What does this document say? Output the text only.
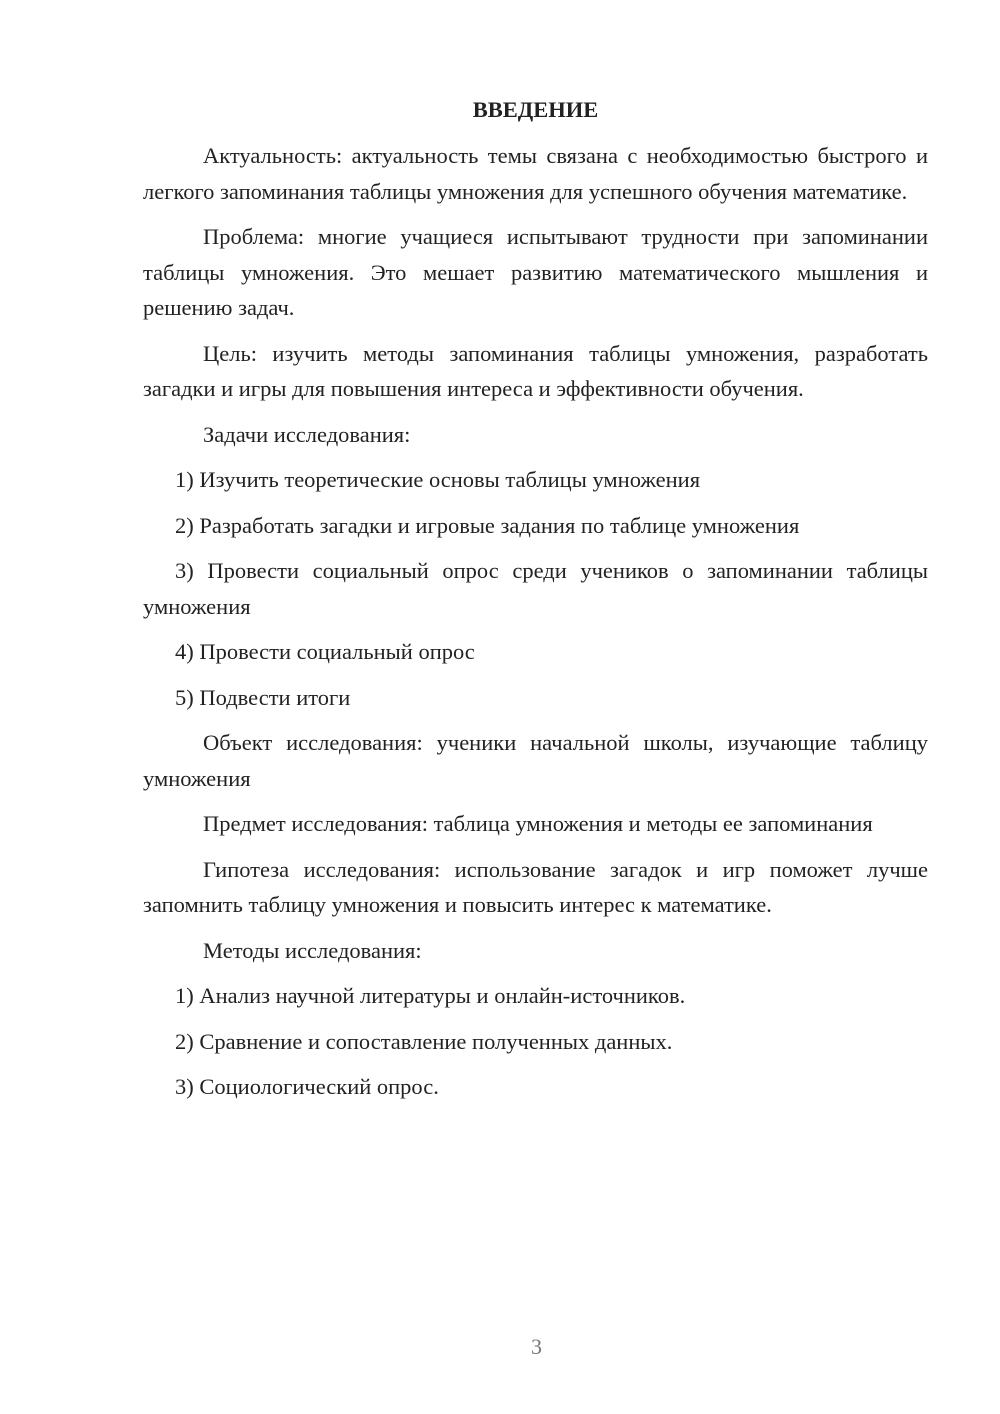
ВВЕДЕНИЕ

Актуальность: актуальность темы связана с необходимостью быстрого и легкого запоминания таблицы умножения для успешного обучения математике.

Проблема: многие учащиеся испытывают трудности при запоминании таблицы умножения. Это мешает развитию математического мышления и решению задач.

Цель: изучить методы запоминания таблицы умножения, разработать загадки и игры для повышения интереса и эффективности обучения.

Задачи исследования:

1) Изучить теоретические основы таблицы умножения

2) Разработать загадки и игровые задания по таблице умножения

3) Провести социальный опрос среди учеников о запоминании таблицы умножения

4) Провести социальный опрос

5) Подвести итоги

Объект исследования: ученики начальной школы, изучающие таблицу умножения

Предмет исследования: таблица умножения и методы ее запоминания

Гипотеза исследования: использование загадок и игр поможет лучше запомнить таблицу умножения и повысить интерес к математике.

Методы исследования:

1) Анализ научной литературы и онлайн-источников.

2) Сравнение и сопоставление полученных данных.

3) Социологический опрос.

3
